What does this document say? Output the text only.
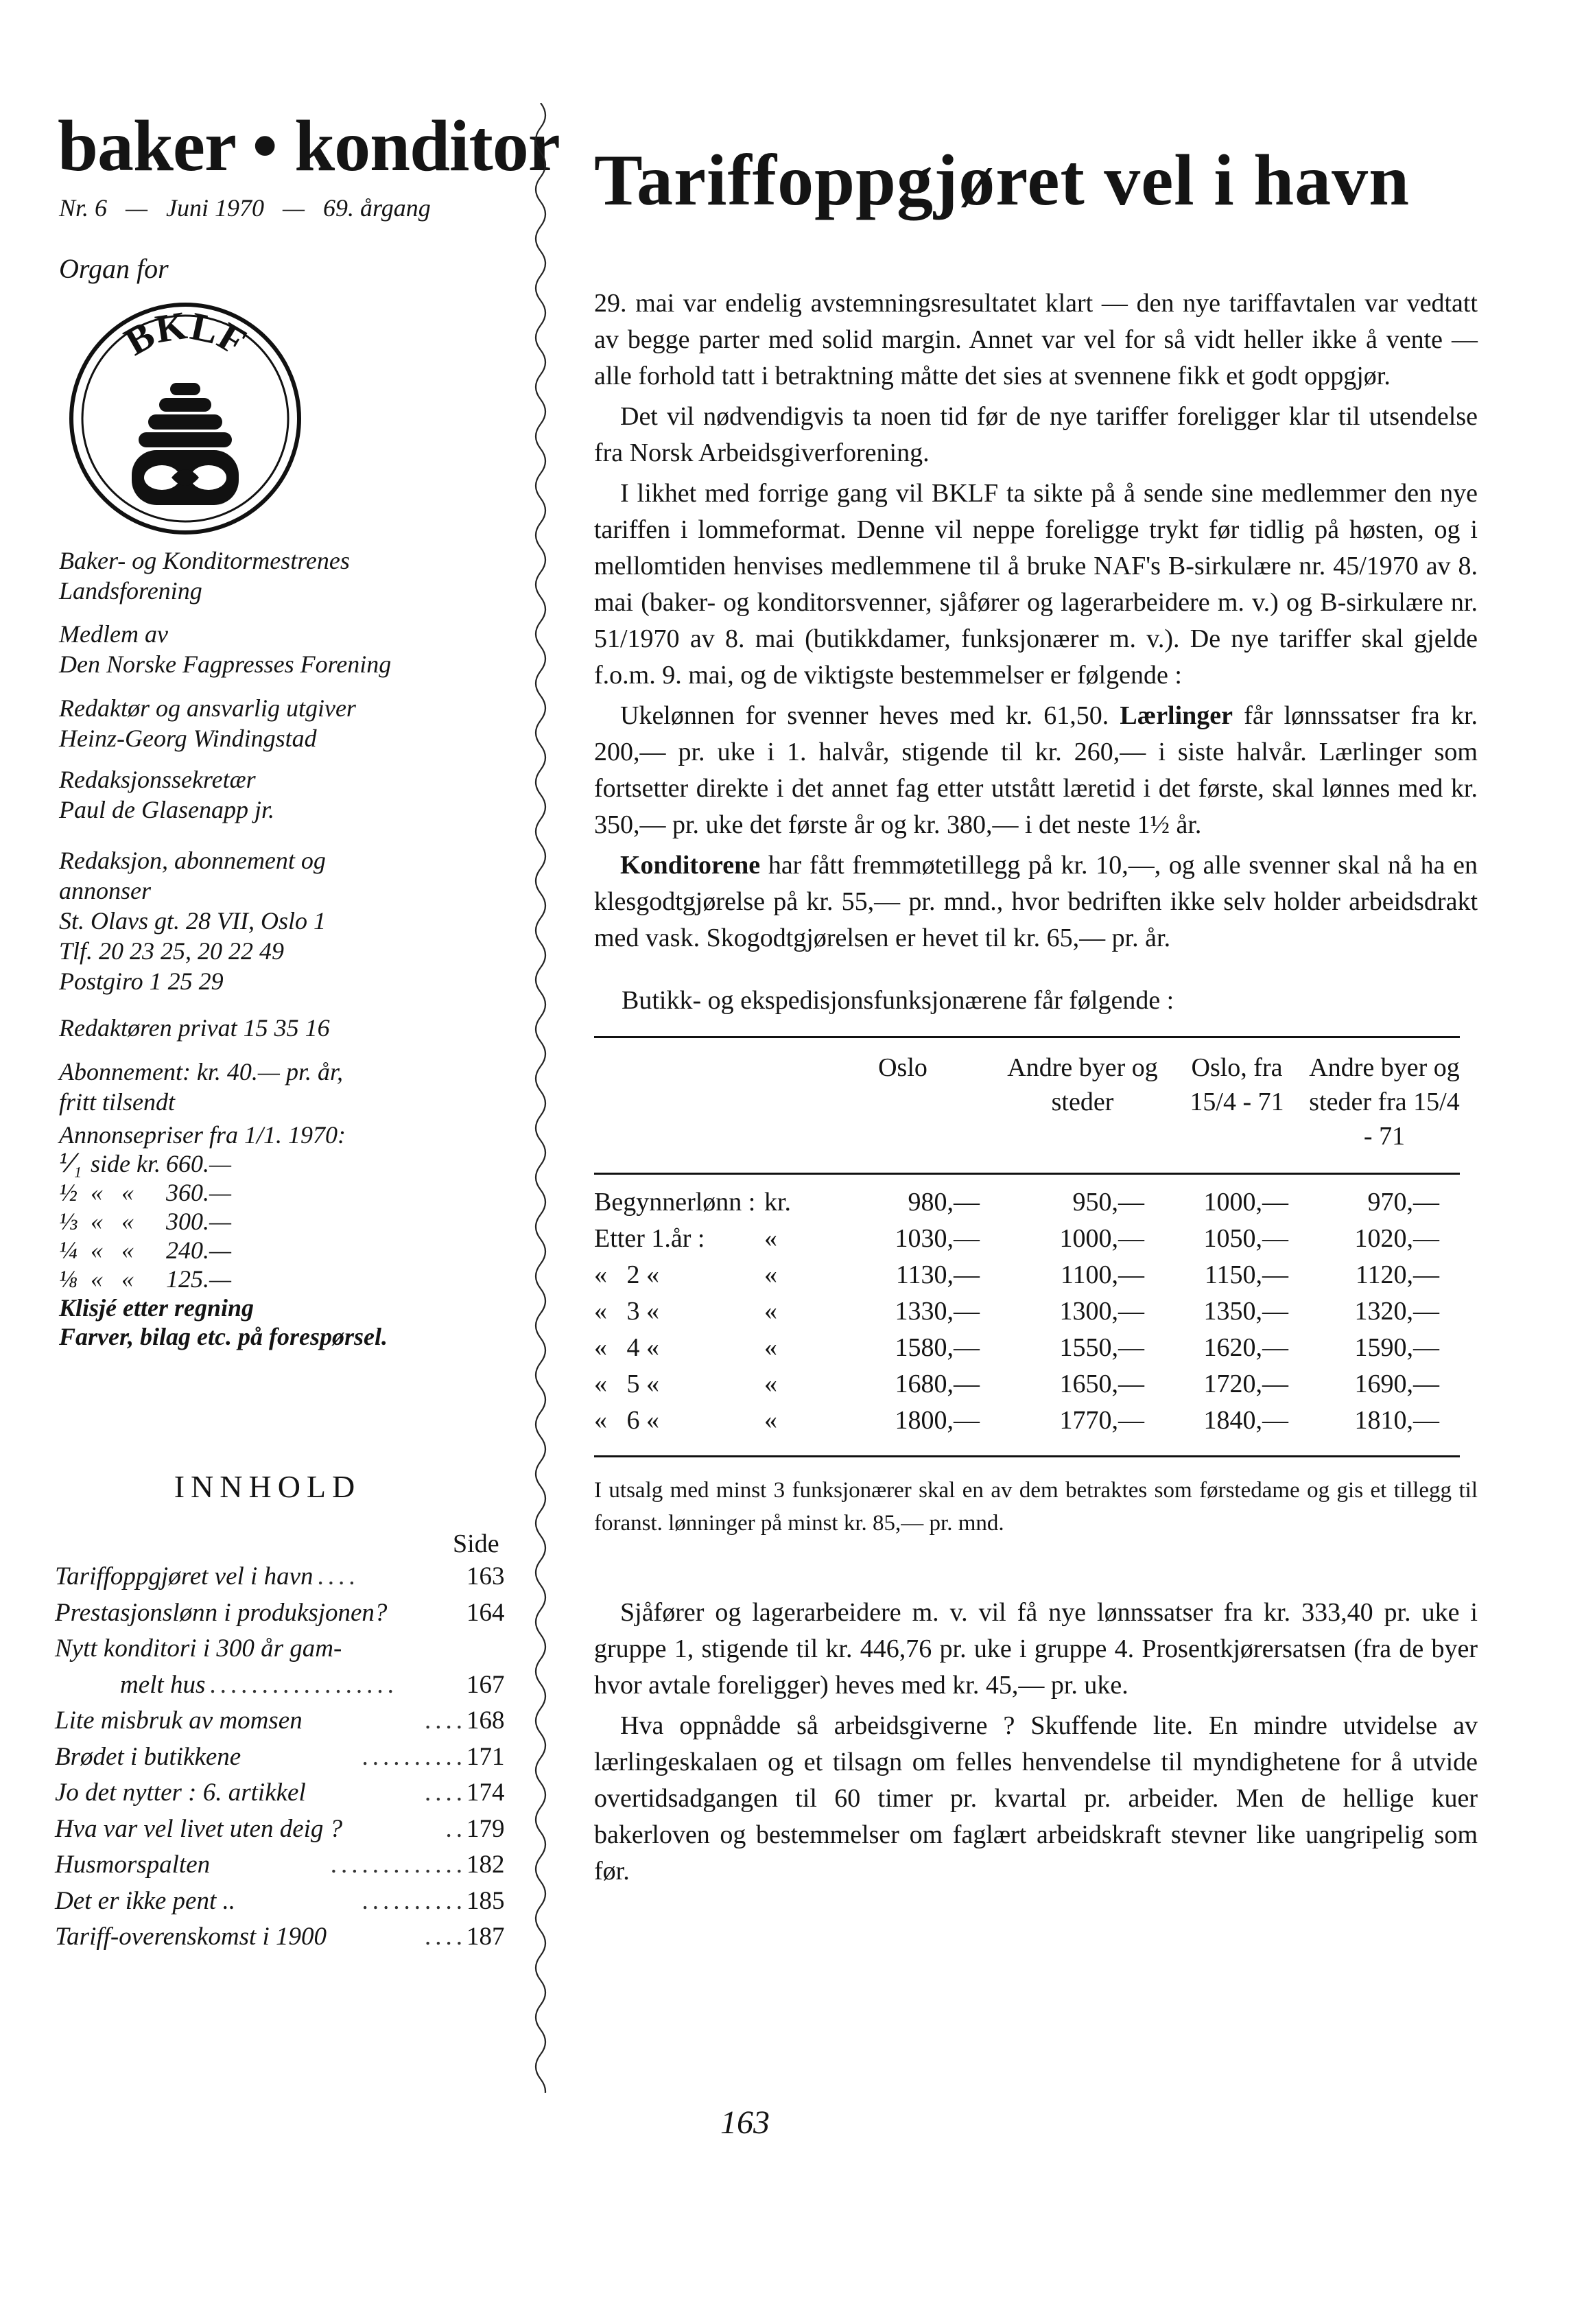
baker • konditor
Nr. 6   —   Juni 1970   —   69. årgang
Organ for
BKLF
Baker- og Konditormestrenes
Landsforening
Medlem av
Den Norske Fagpresses Forening
Redaktør og ansvarlig utgiver
Heinz-Georg Windingstad
Redaksjonssekretær
Paul de Glasenapp jr.
Redaksjon, abonnement og
annonser
St. Olavs gt. 28 VII, Oslo 1
Tlf. 20 23 25, 20 22 49
Postgiro 1 25 29
Redaktøren privat 15 35 16
Abonnement: kr. 40.— pr. år,
fritt tilsendt
Annonsepriser fra 1/1. 1970:
⅟₁ side kr. 660.—
½ «   «	360.—
⅓ «   «	300.—
¼ «   «	240.—
⅛ «   «	125.—
Klisjé etter regning
Farver, bilag etc. på forespørsel.
INNHOLD
Side
Tariffoppgjøret vel i havn ....	163
Prestasjonslønn i produksjonen?	164
Nytt konditori i 300 år gam-
melt hus ..................	167
Lite misbruk av momsen	.... 168
Brødet i butikkene	.......... 171
Jo det nytter : 6. artikkel	.... 174
Hva var vel livet uten deig ?	.. 179
Husmorspalten	............. 182
Det er ikke pent ..	.......... 185
Tariff-overenskomst i 1900	.... 187
Tariffoppgjøret vel i havn

29. mai var endelig avstemningsresultatet klart — den nye tariffavtalen var vedtatt av begge parter med solid margin. Annet var vel for så vidt heller ikke å vente — alle forhold tatt i betraktning måtte det sies at svennene fikk et godt oppgjør.

Det vil nødvendigvis ta noen tid før de nye tariffer foreligger klar til utsendelse fra Norsk Arbeidsgiverforening.

I likhet med forrige gang vil BKLF ta sikte på å sende sine medlemmer den nye tariffen i lommeformat. Denne vil neppe foreligge trykt før tidlig på høsten, og i mellomtiden henvises medlemmene til å bruke NAF's B-sirkulære nr. 45/1970 av 8. mai (baker- og konditorsvenner, sjåfører og lagerarbeidere m. v.) og B-sirkulære nr. 51/1970 av 8. mai (butikkdamer, funksjonærer m. v.). De nye tariffer skal gjelde f.o.m. 9. mai, og de viktigste bestemmelser er følgende :

Ukelønnen for svenner heves med kr. 61,50. Lærlinger får lønnssatser fra kr. 200,— pr. uke i 1. halvår, stigende til kr. 260,— i siste halvår. Lærlinger som fortsetter direkte i det annet fag etter utstått læretid i det første, skal lønnes med kr. 350,— pr. uke det første år og kr. 380,— i det neste 1½ år.

Konditorene har fått fremmøtetillegg på kr. 10,—, og alle svenner skal nå ha en klesgodtgjørelse på kr. 55,— pr. mnd., hvor bedriften ikke selv holder arbeidsdrakt med vask. Skogodtgjørelsen er hevet til kr. 65,— pr. år.

Butikk- og ekspedisjonsfunksjonærene får følgende :
		Oslo	Andre byer og steder	Oslo, fra 15/4 - 71	Andre byer og steder fra 15/4 - 71
Begynnerlønn :	kr.	980,—	950,—	1000,—	970,—
Etter 1.år :	«	1030,—	1000,—	1050,—	1020,—
«   2 «	«	1130,—	1100,—	1150,—	1120,—
«   3 «	«	1330,—	1300,—	1350,—	1320,—
«   4 «	«	1580,—	1550,—	1620,—	1590,—
«   5 «	«	1680,—	1650,—	1720,—	1690,—
«   6 «	«	1800,—	1770,—	1840,—	1810,—
I utsalg med minst 3 funksjonærer skal en av dem betraktes som førstedame og gis et tillegg til foranst. lønninger på minst kr. 85,— pr. mnd.

Sjåfører og lagerarbeidere m. v. vil få nye lønnssatser fra kr. 333,40 pr. uke i gruppe 1, stigende til kr. 446,76 pr. uke i gruppe 4. Prosentkjørersatsen (fra de byer hvor avtale foreligger) heves med kr. 45,— pr. uke.

Hva oppnådde så arbeidsgiverne ? Skuffende lite. En mindre utvidelse av lærlingeskalaen og et tilsagn om felles henvendelse til myndighetene for å utvide overtidsadgangen til 60 timer pr. kvartal pr. arbeider. Men de hellige kuer bakerloven og bestemmelser om faglært arbeidskraft stevner like uangripelig som før.

163
